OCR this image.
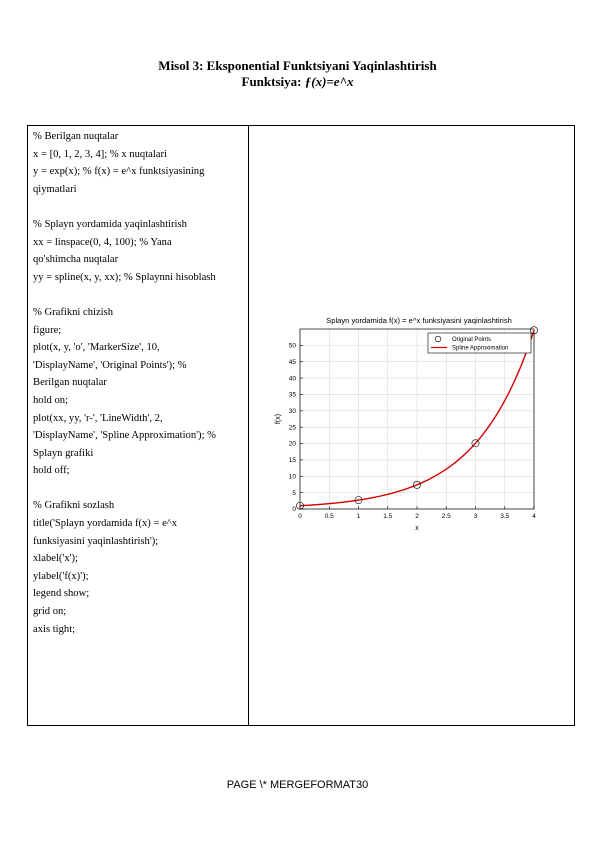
Misol 3: Eksponential Funktsiyani Yaqinlashtirish
Funktsiya: ƒ(x)=e^x
% Berilgan nuqtalar
x = [0, 1, 2, 3, 4]; % x nuqtalari
y = exp(x); % f(x) = e^x funktsiyasining
qiymatlari
% Splayn yordamida yaqinlashtirish
xx = linspace(0, 4, 100); % Yana
qo'shimcha nuqtalar
yy = spline(x, y, xx); % Splaynni hisoblash
% Grafikni chizish
figure;
plot(x, y, 'o', 'MarkerSize', 10,
'DisplayName', 'Original Points'); %
Berilgan nuqtalar
hold on;
plot(xx, yy, 'r-', 'LineWidth', 2,
'DisplayName', 'Spline Approximation'); %
Splayn grafiki
hold off;
% Grafikni sozlash
title('Splayn yordamida f(x) = e^x
funksiyasini yaqinlashtirish');
xlabel('x');
ylabel('f(x)');
legend show;
grid on;
axis tight;
0	0.5	1	1.5	2	2.5	3	3.5	4
0
5
10
15
20
25
30
35
40
45
50
Splayn yordamida f(x) = e^x funksiyasini yaqinlashtirish
x
f(x)
Original Points
Spline Approximation
PAGE \* MERGEFORMAT30
